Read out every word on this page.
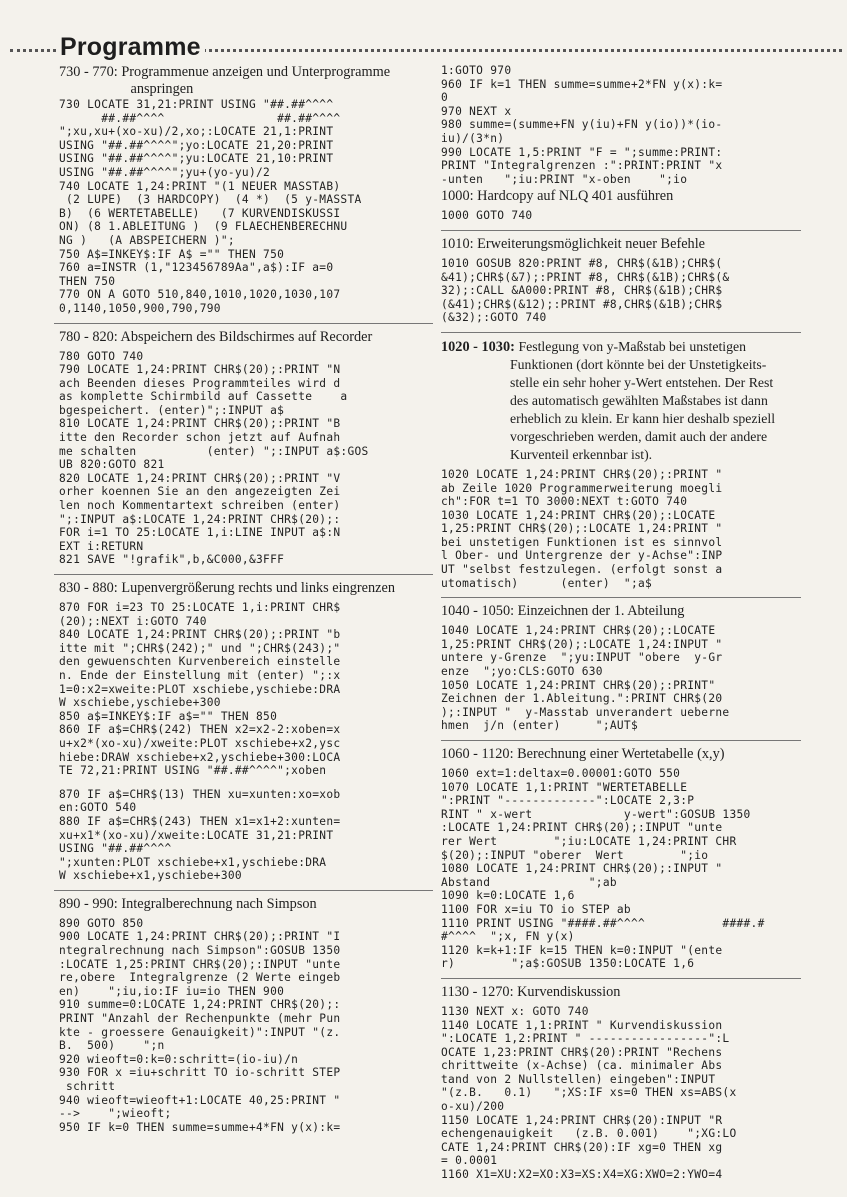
Programme
730 - 770: Programmenue anzeigen und Unterprogramme
anspringen
730 LOCATE 31,21:PRINT USING "##.##^^^^
##.##^^^^                ##.##^^^^
";xu,xu+(xo-xu)/2,xo;:LOCATE 21,1:PRINT
USING "##.##^^^^";yo:LOCATE 21,20:PRINT
USING "##.##^^^^";yu:LOCATE 21,10:PRINT
USING "##.##^^^^";yu+(yo-yu)/2
740 LOCATE 1,24:PRINT "(1 NEUER MASSTAB)
(2 LUPE)  (3 HARDCOPY)  (4 *)  (5 y-MASSTA
B)  (6 WERTETABELLE)   (7 KURVENDISKUSSI
ON) (8 1.ABLEITUNG )  (9 FLAECHENBERECHNU
NG )   (A ABSPEICHERN )";
750 A$=INKEY$:IF A$ ="" THEN 750
760 a=INSTR (1,"123456789Aa",a$):IF a=0
THEN 750
770 ON A GOTO 510,840,1010,1020,1030,107
0,1140,1050,900,790,790
780 - 820: Abspeichern des Bildschirmes auf Recorder
780 GOTO 740
790 LOCATE 1,24:PRINT CHR$(20);:PRINT "N
ach Beenden dieses Programmteiles wird d
as komplette Schirmbild auf Cassette    a
bgespeichert. (enter)";:INPUT a$
810 LOCATE 1,24:PRINT CHR$(20);:PRINT "B
itte den Recorder schon jetzt auf Aufnah
me schalten          (enter) ";:INPUT a$:GOS
UB 820:GOTO 821
820 LOCATE 1,24:PRINT CHR$(20);:PRINT "V
orher koennen Sie an den angezeigten Zei
len noch Kommentartext schreiben (enter)
";:INPUT a$:LOCATE 1,24:PRINT CHR$(20);:
FOR i=1 TO 25:LOCATE 1,i:LINE INPUT a$:N
EXT i:RETURN
821 SAVE "!grafik",b,&C000,&3FFF
830 - 880: Lupenvergrößerung rechts und links eingrenzen
870 FOR i=23 TO 25:LOCATE 1,i:PRINT CHR$
(20);:NEXT i:GOTO 740
840 LOCATE 1,24:PRINT CHR$(20);:PRINT "b
itte mit ";CHR$(242);" und ";CHR$(243);"
den gewuenschten Kurvenbereich einstelle
n. Ende der Einstellung mit (enter) ";:x
1=0:x2=xweite:PLOT xschiebe,yschiebe:DRA
W xschiebe,yschiebe+300
850 a$=INKEY$:IF a$="" THEN 850
860 IF a$=CHR$(242) THEN x2=x2-2:xoben=x
u+x2*(xo-xu)/xweite:PLOT xschiebe+x2,ysc
hiebe:DRAW xschiebe+x2,yschiebe+300:LOCA
TE 72,21:PRINT USING "##.##^^^^";xoben
870 IF a$=CHR$(13) THEN xu=xunten:xo=xob
en:GOTO 540
880 IF a$=CHR$(243) THEN x1=x1+2:xunten=
xu+x1*(xo-xu)/xweite:LOCATE 31,21:PRINT
USING "##.##^^^^
";xunten:PLOT xschiebe+x1,yschiebe:DRA
W xschiebe+x1,yschiebe+300
890 - 990: Integralberechnung nach Simpson
890 GOTO 850
900 LOCATE 1,24:PRINT CHR$(20);:PRINT "I
ntegralrechnung nach Simpson":GOSUB 1350
:LOCATE 1,25:PRINT CHR$(20);:INPUT "unte
re,obere  Integralgrenze (2 Werte eingeb
en)    ";iu,io:IF iu=io THEN 900
910 summe=0:LOCATE 1,24:PRINT CHR$(20);:
PRINT "Anzahl der Rechenpunkte (mehr Pun
kte - groessere Genauigkeit)":INPUT "(z.
B.  500)    ";n
920 wieoft=0:k=0:schritt=(io-iu)/n
930 FOR x =iu+schritt TO io-schritt STEP
schritt
940 wieoft=wieoft+1:LOCATE 40,25:PRINT "
-->    ";wieoft;
950 IF k=0 THEN summe=summe+4*FN y(x):k=
1:GOTO 970
960 IF k=1 THEN summe=summe+2*FN y(x):k=
0
970 NEXT x
980 summe=(summe+FN y(iu)+FN y(io))*(io-
iu)/(3*n)
990 LOCATE 1,5:PRINT "F = ";summe:PRINT:
PRINT "Integralgrenzen :":PRINT:PRINT "x
-unten   ";iu:PRINT "x-oben    ";io
1000: Hardcopy auf NLQ 401 ausführen
1000 GOTO 740
1010: Erweiterungsmöglichkeit neuer Befehle
1010 GOSUB 820:PRINT #8, CHR$(&1B);CHR$(
&41);CHR$(&7);:PRINT #8, CHR$(&1B);CHR$(&
32);:CALL &A000:PRINT #8, CHR$(&1B);CHR$
(&41);CHR$(&12);:PRINT #8,CHR$(&1B);CHR$
(&32);:GOTO 740
1020 - 1030: Festlegung von y-Maßstab bei unstetigen
Funktionen (dort könnte bei der Unstetigkeits-
stelle ein sehr hoher y-Wert entstehen. Der Rest
des automatisch gewählten Maßstabes ist dann
erheblich zu klein. Er kann hier deshalb speziell
vorgeschrieben werden, damit auch der andere
Kurventeil erkennbar ist).
1020 LOCATE 1,24:PRINT CHR$(20);:PRINT "
ab Zeile 1020 Programmerweiterung moegli
ch":FOR t=1 TO 3000:NEXT t:GOTO 740
1030 LOCATE 1,24:PRINT CHR$(20);:LOCATE
1,25:PRINT CHR$(20);:LOCATE 1,24:PRINT "
bei unstetigen Funktionen ist es sinnvol
l Ober- und Untergrenze der y-Achse":INP
UT "selbst festzulegen. (erfolgt sonst a
utomatisch)      (enter)  ";a$
1040 - 1050: Einzeichnen der 1. Abteilung
1040 LOCATE 1,24:PRINT CHR$(20);:LOCATE
1,25:PRINT CHR$(20);:LOCATE 1,24:INPUT "
untere y-Grenze  ";yu:INPUT "obere  y-Gr
enze  ";yo:CLS:GOTO 630
1050 LOCATE 1,24:PRINT CHR$(20);:PRINT"
Zeichnen der 1.Ableitung.":PRINT CHR$(20
);:INPUT "  y-Masstab unverandert ueberne
hmen  j/n (enter)     ";AUT$
1060 - 1120: Berechnung einer Wertetabelle (x,y)
1060 ext=1:deltax=0.00001:GOTO 550
1070 LOCATE 1,1:PRINT "WERTETABELLE
":PRINT "-------------":LOCATE 2,3:P
RINT " x-wert             y-wert":GOSUB 1350
:LOCATE 1,24:PRINT CHR$(20);:INPUT "unte
rer Wert        ";iu:LOCATE 1,24:PRINT CHR
$(20);:INPUT "oberer  Wert        ";io
1080 LOCATE 1,24:PRINT CHR$(20);:INPUT "
Abstand              ";ab
1090 k=0:LOCATE 1,6
1100 FOR x=iu TO io STEP ab
1110 PRINT USING "####.##^^^^           ####.#
#^^^^  ";x, FN y(x)
1120 k=k+1:IF k=15 THEN k=0:INPUT "(ente
r)        ";a$:GOSUB 1350:LOCATE 1,6
1130 - 1270: Kurvendiskussion
1130 NEXT x: GOTO 740
1140 LOCATE 1,1:PRINT " Kurvendiskussion
":LOCATE 1,2:PRINT " -----------------":L
OCATE 1,23:PRINT CHR$(20):PRINT "Rechens
chrittweite (x-Achse) (ca. minimaler Abs
tand von 2 Nullstellen) eingeben":INPUT
"(z.B.   0.1)   ";XS:IF xs=0 THEN xs=ABS(x
o-xu)/200
1150 LOCATE 1,24:PRINT CHR$(20):INPUT "R
echengenauigkeit   (z.B. 0.001)    ";XG:LO
CATE 1,24:PRINT CHR$(20):IF xg=0 THEN xg
= 0.0001
1160 X1=XU:X2=XO:X3=XS:X4=XG:XWO=2:YWO=4
